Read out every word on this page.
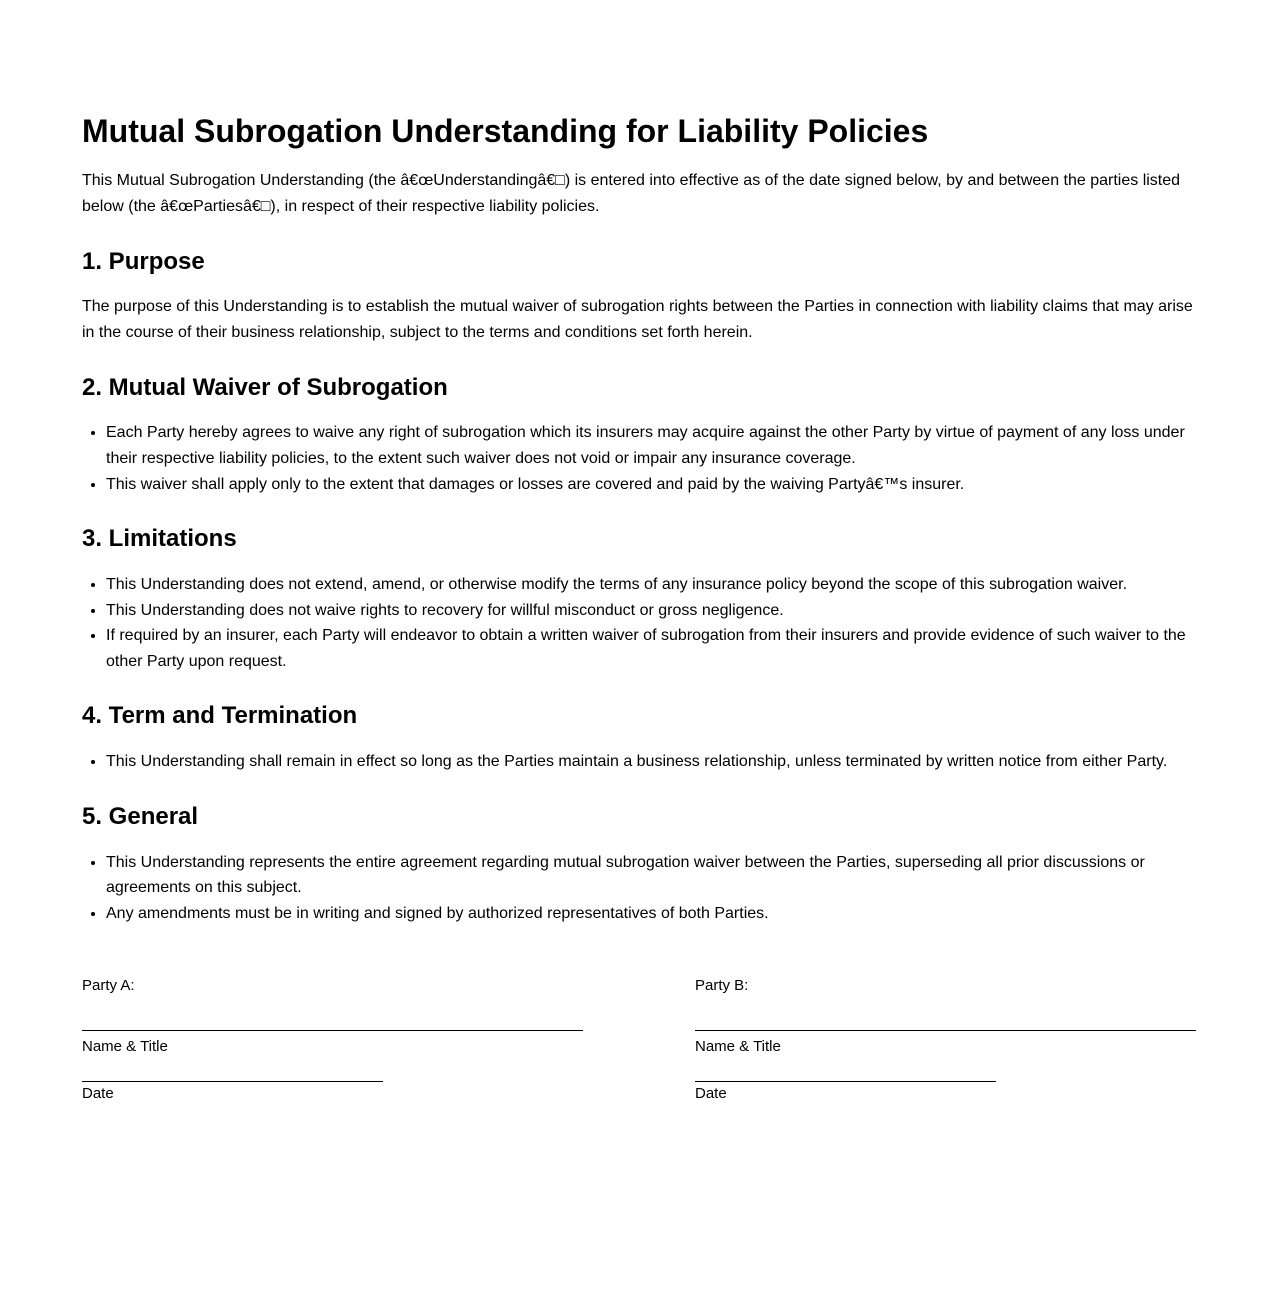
Mutual Subrogation Understanding for Liability Policies

This Mutual Subrogation Understanding (the â€œUnderstandingâ€□) is entered into effective as of the date signed below, by and between the parties listed below (the â€œPartiesâ€□), in respect of their respective liability policies.

1. Purpose

The purpose of this Understanding is to establish the mutual waiver of subrogation rights between the Parties in connection with liability claims that may arise in the course of their business relationship, subject to the terms and conditions set forth herein.

2. Mutual Waiver of Subrogation
• Each Party hereby agrees to waive any right of subrogation which its insurers may acquire against the other Party by virtue of payment of any loss under their respective liability policies, to the extent such waiver does not void or impair any insurance coverage.
• This waiver shall apply only to the extent that damages or losses are covered and paid by the waiving Partyâ€™s insurer.
3. Limitations
• This Understanding does not extend, amend, or otherwise modify the terms of any insurance policy beyond the scope of this subrogation waiver.
• This Understanding does not waive rights to recovery for willful misconduct or gross negligence.
• If required by an insurer, each Party will endeavor to obtain a written waiver of subrogation from their insurers and provide evidence of such waiver to the other Party upon request.
4. Term and Termination
• This Understanding shall remain in effect so long as the Parties maintain a business relationship, unless terminated by written notice from either Party.
5. General
• This Understanding represents the entire agreement regarding mutual subrogation waiver between the Parties, superseding all prior discussions or agreements on this subject.
• Any amendments must be in writing and signed by authorized representatives of both Parties.
Party A:
Name & Title
Date
Party B:
Name & Title
Date
